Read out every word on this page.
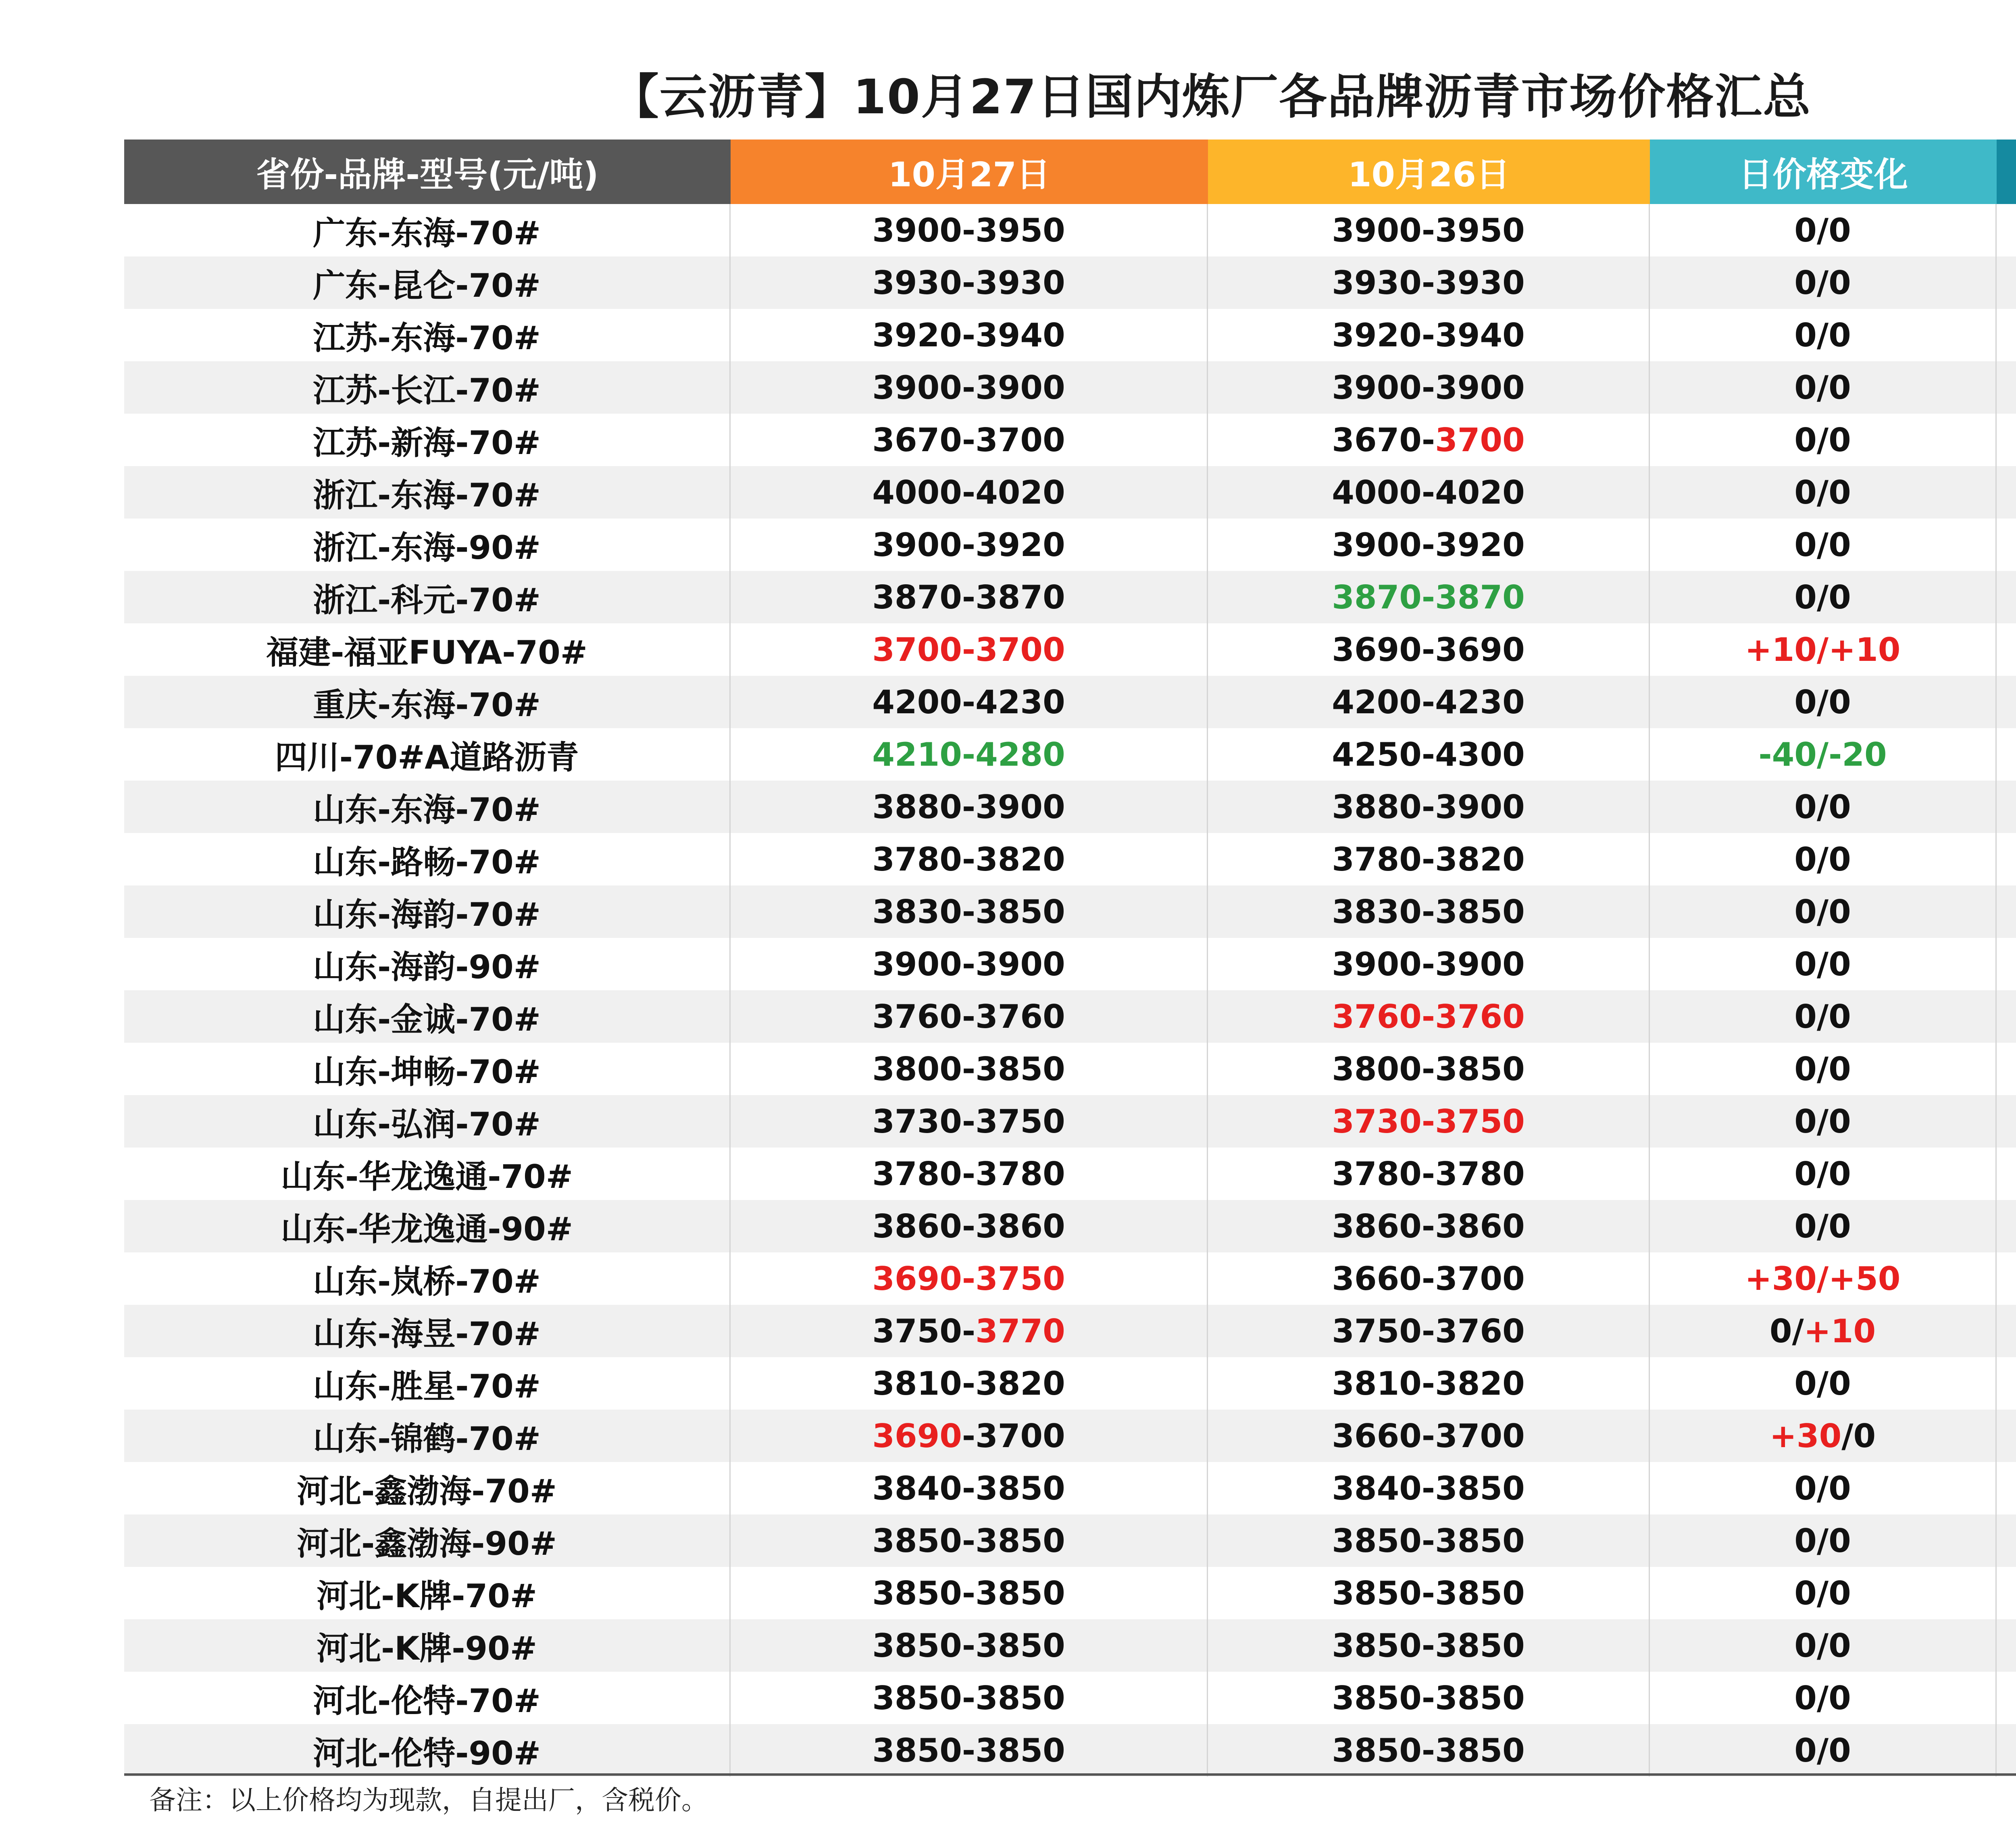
【云沥青】10月27日国内炼厂各品牌沥青市场价格汇总
省份-品牌-型号(元/吨)	10月27日	10月26日	日价格变化
广东-东海-70#	3900-3950	3900-3950	0/0
广东-昆仑-70#	3930-3930	3930-3930	0/0
江苏-东海-70#	3920-3940	3920-3940	0/0
江苏-长江-70#	3900-3900	3900-3900	0/0
江苏-新海-70#	3670-3700	3670 - 3700	0/0
浙江-东海-70#	4000-4020	4000-4020	0/0
浙江-东海-90#	3900-3920	3900-3920	0/0
浙江-科元-70#	3870-3870	3870 - 3870	0/0
福建-福亚FUYA-70#	3700 - 3700	3690-3690	+10 / +10
重庆-东海-70#	4200-4230	4200-4230	0/0
四川-70#A道路沥青	4210 - 4280	4250-4300	-40 / -20
山东-东海-70#	3880-3900	3880-3900	0/0
山东-路畅-70#	3780-3820	3780-3820	0/0
山东-海韵-70#	3830-3850	3830-3850	0/0
山东-海韵-90#	3900-3900	3900-3900	0/0
山东-金诚-70#	3760-3760	3760 - 3760	0/0
山东-坤畅-70#	3800-3850	3800-3850	0/0
山东-弘润-70#	3730-3750	3730 - 3750	0/0
山东-华龙逸通-70#	3780-3780	3780-3780	0/0
山东-华龙逸通-90#	3860-3860	3860-3860	0/0
山东-岚桥-70#	3690 - 3750	3660-3700	+30 / +50
山东-海昱-70#	3750 - 3770	3750-3760	0 / +10
山东-胜星-70#	3810-3820	3810-3820	0/0
山东-锦鹤-70#	3690 - 3700	3660-3700	+30 / 0
河北-鑫渤海-70#	3840-3850	3840-3850	0/0
河北-鑫渤海-90#	3850-3850	3850-3850	0/0
河北-K牌-70#	3850-3850	3850-3850	0/0
河北-K牌-90#	3850-3850	3850-3850	0/0
河北-伦特-70#	3850-3850	3850-3850	0/0
河北-伦特-90#	3850-3850	3850-3850	0/0
备注：以上价格均为现款，自提出厂，含税价。
